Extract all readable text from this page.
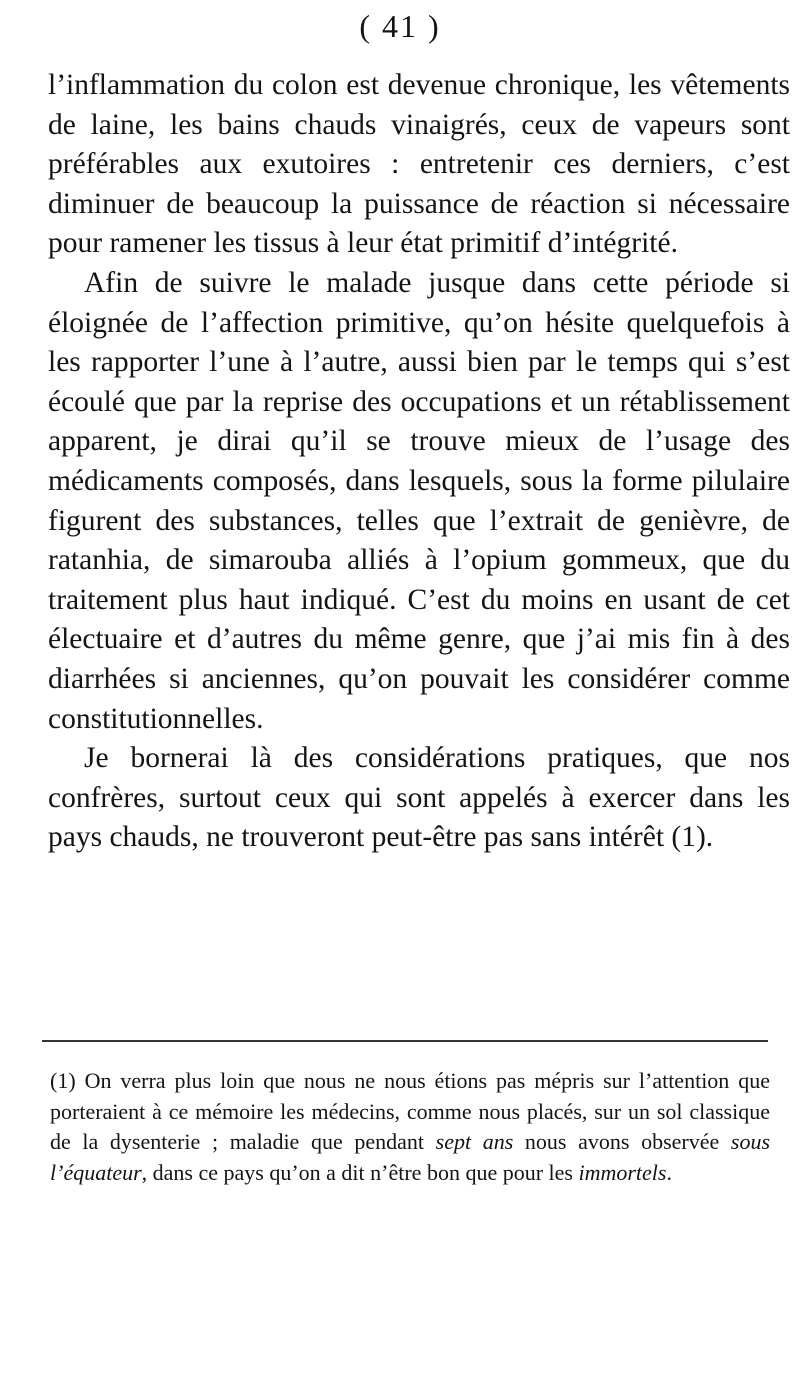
( 41 )

l’inflammation du colon est devenue chronique, les vêtements de laine, les bains chauds vinaigrés, ceux de vapeurs sont préférables aux exutoires : entretenir ces derniers, c’est diminuer de beaucoup la puissance de réaction si nécessaire pour ramener les tissus à leur état primitif d’intégrité.

Afin de suivre le malade jusque dans cette période si éloignée de l’affection primitive, qu’on hésite quelquefois à les rapporter l’une à l’autre, aussi bien par le temps qui s’est écoulé que par la reprise des occupations et un rétablissement apparent, je dirai qu’il se trouve mieux de l’usage des médicaments composés, dans lesquels, sous la forme pilulaire figurent des substances, telles que l’extrait de genièvre, de ratanhia, de simarouba alliés à l’opium gommeux, que du traitement plus haut indiqué. C’est du moins en usant de cet électuaire et d’autres du même genre, que j’ai mis fin à des diarrhées si anciennes, qu’on pouvait les considérer comme constitutionnelles.

Je bornerai là des considérations pratiques, que nos confrères, surtout ceux qui sont appelés à exercer dans les pays chauds, ne trouveront peut-être pas sans intérêt (1).

(1) On verra plus loin que nous ne nous étions pas mépris sur l’attention que porteraient à ce mémoire les médecins, comme nous placés, sur un sol classique de la dysenterie ; maladie que pendant sept ans nous avons observée sous l’équateur, dans ce pays qu’on a dit n’être bon que pour les immortels.
